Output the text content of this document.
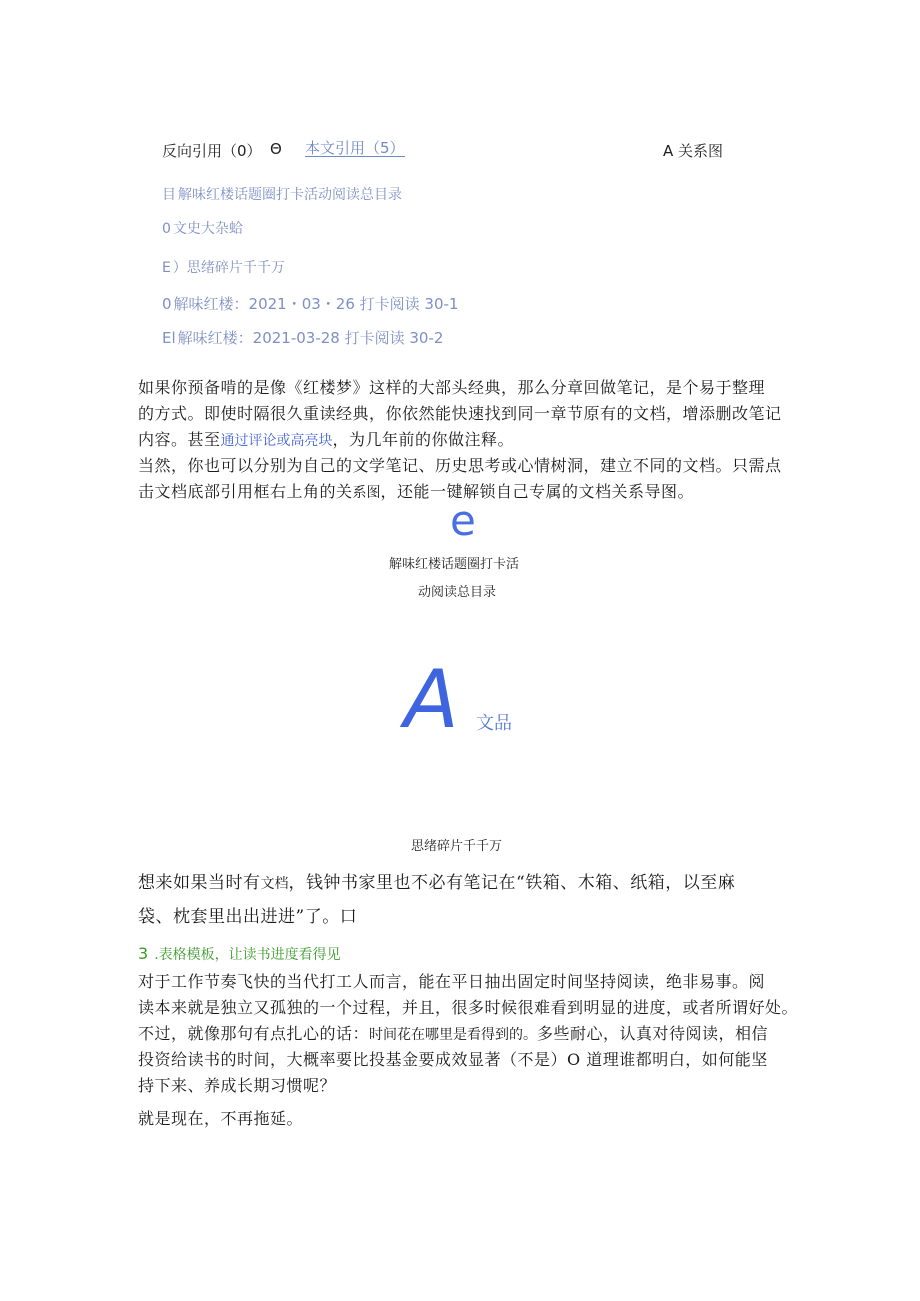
反向引用（0） Θ 本文引用（5）	A 关系图
目 解味红楼话题圈打卡活动阅读总目录
0 文史大杂蛤
E ）思绪碎片千千万
0 解味红楼：2021・03・26 打卡阅读 30-1
El 解味红楼：2021-03-28 打卡阅读 30-2
如果你预备啃的是像《红楼梦》这样的大部头经典，那么分章回做笔记，是个易于整理
的方式。即使时隔很久重读经典，你依然能快速找到同一章节原有的文档，增添删改笔记
内容。甚至通过评论或高亮块，为几年前的你做注释。
当然，你也可以分别为自己的文学笔记、历史思考或心情树洞，建立不同的文档。只需点
击文档底部引用框右上角的关系图，还能一键解锁自己专属的文档关系导图。
e
解味红楼话题圈打卡活
动阅读总目录
A 文品
思绪碎片千千万
想来如果当时有文档，钱钟书家里也不必有笔记在“铁箱、木箱、纸箱，以至麻
袋、枕套里出出进进”了。口
3 .表格模板，让读书进度看得见
对于工作节奏飞快的当代打工人而言，能在平日抽出固定时间坚持阅读，绝非易事。阅
读本来就是独立又孤独的一个过程，并且，很多时候很难看到明显的进度，或者所谓好处。
不过，就像那句有点扎心的话：时间花在哪里是看得到的。多些耐心，认真对待阅读，相信
投资给读书的时间，大概率要比投基金要成效显著（不是）O 道理谁都明白，如何能坚
持下来、养成长期习惯呢？
就是现在，不再拖延。
